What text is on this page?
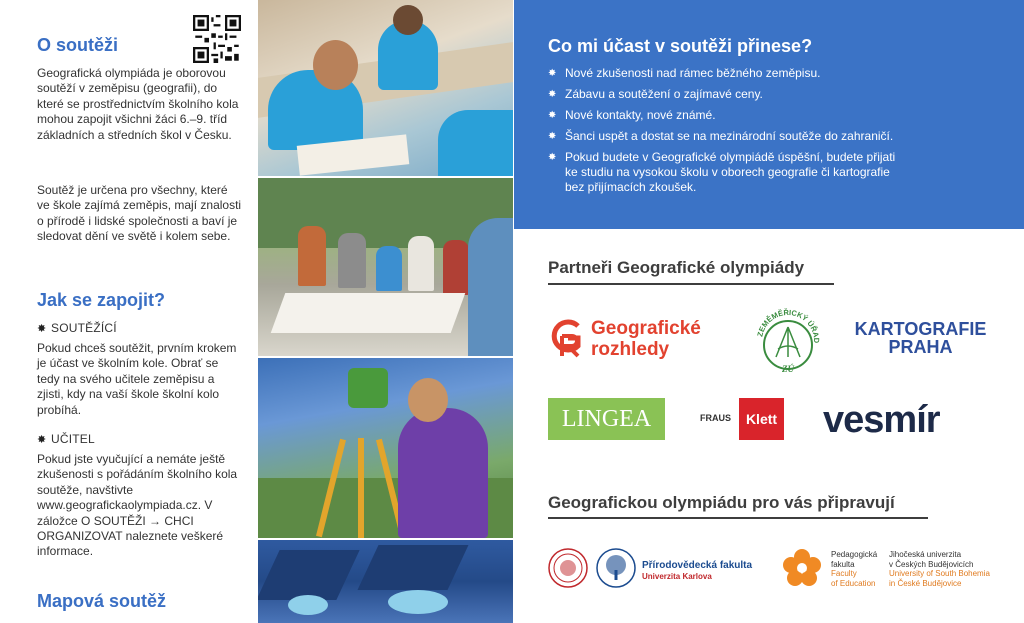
O soutěži

Geografická olympiáda je oborovou soutěží v zeměpisu (geografii), do které se prostřednictvím školního kola mohou zapojit všichni žáci 6.–9. tříd základních a středních škol v Česku.

Soutěž je určena pro všechny, které ve škole zajímá zeměpis, mají znalosti o přírodě i lidské společnosti a baví je sledovat dění ve světě i kolem sebe.

Jak se zapojit?
✸ SOUTĚŽÍCÍ

Pokud chceš soutěžit, prvním krokem je účast ve školním kole. Obrať se tedy na svého učitele zeměpisu a zjisti, kdy na vaší škole školní kolo probíhá.

✸ UČITEL

Pokud jste vyučující a nemáte ještě zkušenosti s pořádáním školního kola soutěže, navštivte www.geografickaolympiada.cz. V záložce O SOUTĚŽI → CHCI ORGANIZOVAT naleznete veškeré informace.

Mapová soutěž
Co mi účast v soutěži přinese?
✸ Nové zkušenosti nad rámec běžného zeměpisu.
✸ Zábavu a soutěžení o zajímavé ceny.
✸ Nové kontakty, nové známé.
✸ Šanci uspět a dostat se na mezinárodní soutěže do zahraničí.
✸ Pokud budete v Geografické olympiádě úspěšní, budete přijati ke studiu na vysokou školu v oborech geografie či kartografie bez přijímacích zkoušek.
Partneři Geografické olympiády
Geografické
rozhledy
ZEMĚMĚŘICKÝ ÚŘAD
ZÚ
KARTOGRAFIE
PRAHA
LINGEA	FRAUS	Klett vesmír
Geografickou olympiádu pro vás připravují
Přírodovědecká fakulta
Univerzita Karlova
Pedagogická
fakulta
Faculty
of Education
Jihočeská univerzita
v Českých Budějovicích
University of South Bohemia
in České Budějovice
